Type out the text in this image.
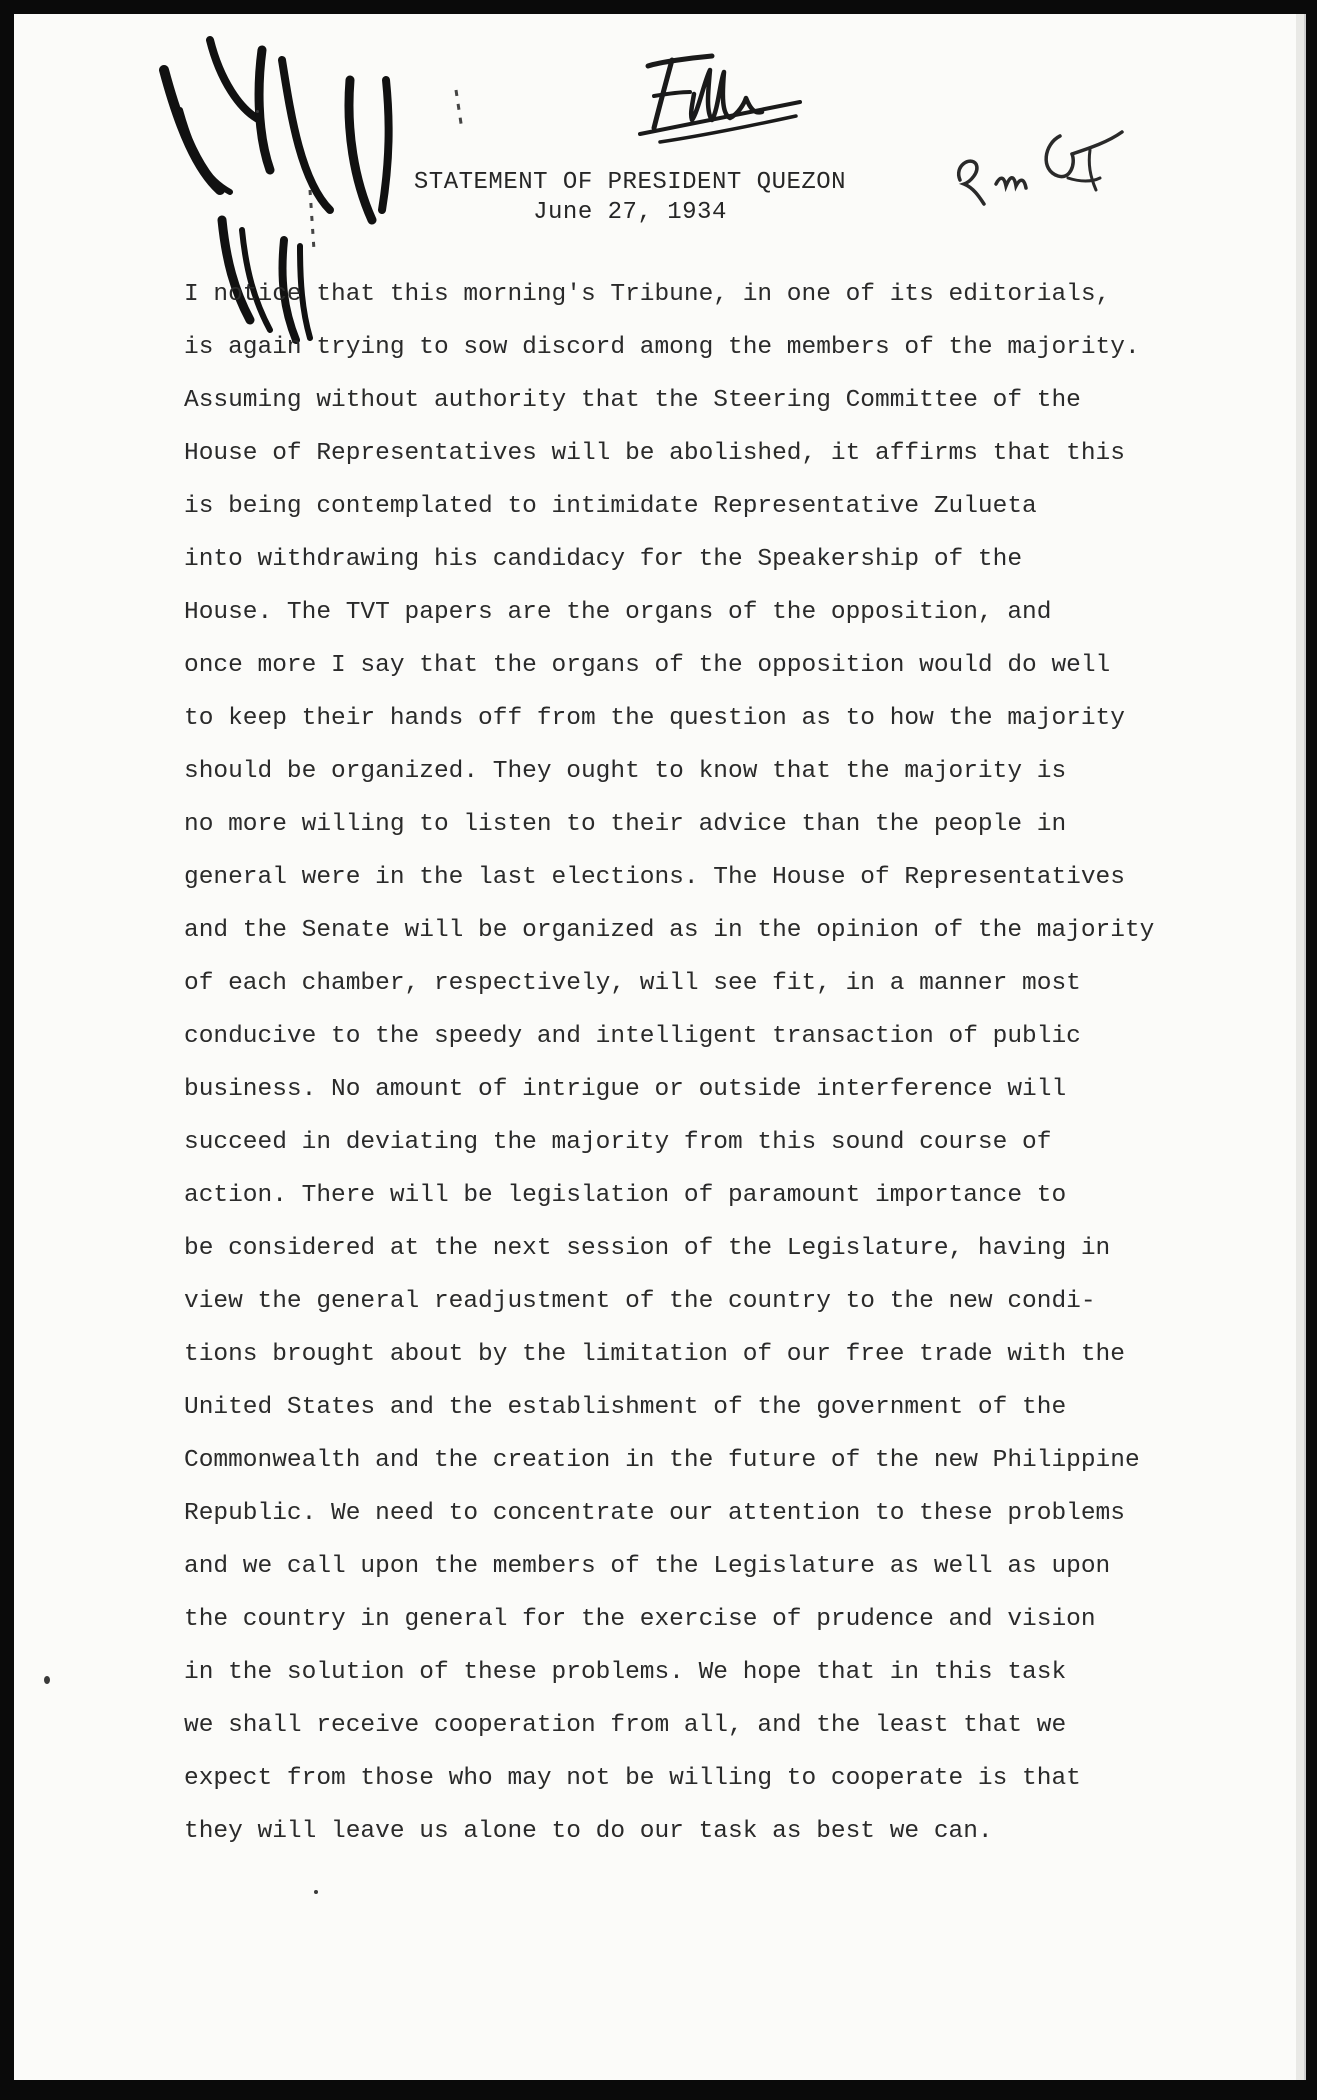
STATEMENT OF PRESIDENT QUEZON
June 27, 1934
I notice that this morning's Tribune, in one of its editorials,
is again trying to sow discord among the members of the majority.
Assuming without authority that the Steering Committee of the
House of Representatives will be abolished, it affirms that this
is being contemplated to intimidate Representative Zulueta
into withdrawing his candidacy for the Speakership of the
House. The TVT papers are the organs of the opposition, and
once more I say that the organs of the opposition would do well
to keep their hands off from the question as to how the majority
should be organized. They ought to know that the majority is
no more willing to listen to their advice than the people in
general were in the last elections. The House of Representatives
and the Senate will be organized as in the opinion of the majority
of each chamber, respectively, will see fit, in a manner most
conducive to the speedy and intelligent transaction of public
business. No amount of intrigue or outside interference will
succeed in deviating the majority from this sound course of
action. There will be legislation of paramount importance to
be considered at the next session of the Legislature, having in
view the general readjustment of the country to the new condi-
tions brought about by the limitation of our free trade with the
United States and the establishment of the government of the
Commonwealth and the creation in the future of the new Philippine
Republic. We need to concentrate our attention to these problems
and we call upon the members of the Legislature as well as upon
the country in general for the exercise of prudence and vision
in the solution of these problems. We hope that in this task
we shall receive cooperation from all, and the least that we
expect from those who may not be willing to cooperate is that
they will leave us alone to do our task as best we can.
